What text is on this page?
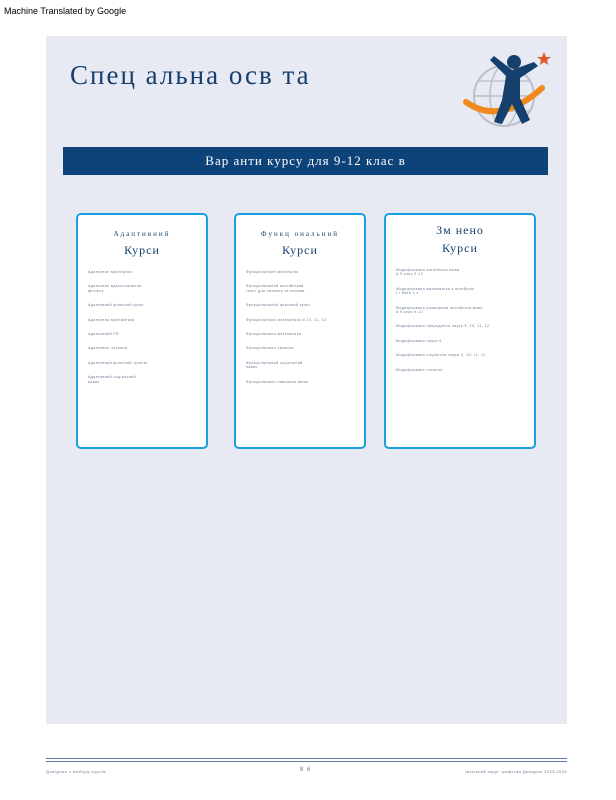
Machine Translated by Google
Спец альна осв та
Вар анти курсу для 9-12 клас в
Адаптивний
Курси
Адаптивне мистецтво
Адаптивне вдосконалення
фітнесу
Адаптивний фізичний культ
Адаптивна математика
Адаптивний PE
Адаптивне читання
Адаптивний фізичний тренінг
Адаптивний соціальний
навик
Функц ональний
Курси
Функціональне мистецтво
Функціональний англійський
текст для читання та письма
Функціональний фізичний культ
Функціональна математика 9-10, 11, 12
Функціональна математика
Функціональне читання
Функціональний соціальний
навик
Функціональне навчання вмінь
Зм нено
Курси
Модифікована англійська мова
A 9 клас 9-12
Модифікована математика з алгеброю
І І Math 1 з
Модифікована розширена англійська мова
A 9 клас 9-12
Модифікована природнича наука 9, 10, 11, 12
Модифікована наука 9
Модифікована соціальна наука 9, 10, 11, 12
Модифіковане читання
Довідник з вибору курсів	8 6	Шкільний округ графства Девідсон 2023-2024
